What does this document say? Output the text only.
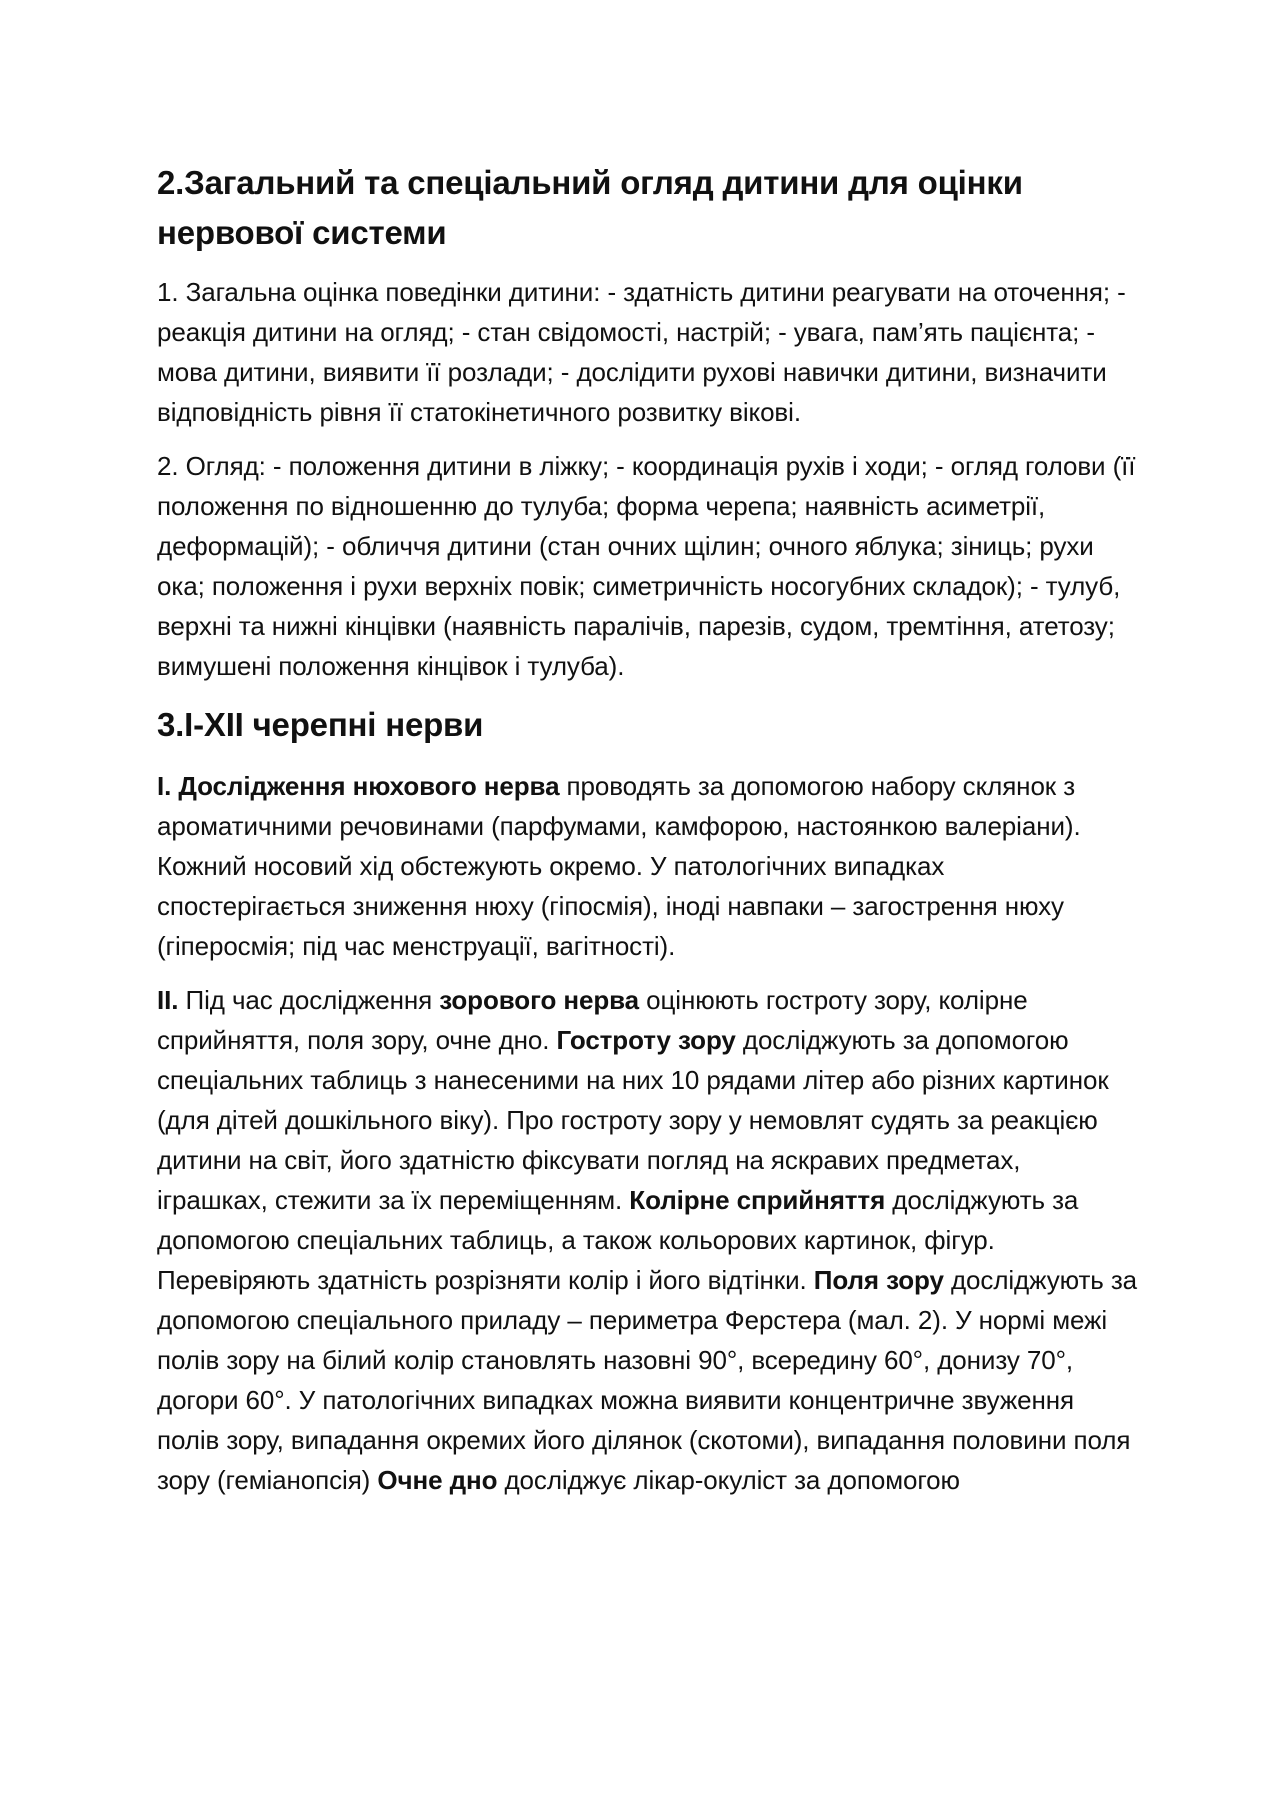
2.Загальний та спеціальний огляд дитини для оцінки нервової системи

1. Загальна оцінка поведінки дитини: - здатність дитини реагувати на оточення; - реакція дитини на огляд; - стан свідомості, настрій; - увага, пам’ять пацієнта; - мова дитини, виявити її розлади; - дослідити рухові навички дитини, визначити відповідність рівня її статокінетичного розвитку вікові.

2. Огляд: - положення дитини в ліжку; - координація рухів і ходи; - огляд голови (її положення по відношенню до тулуба; форма черепа; наявність асиметрії, деформацій); - обличчя дитини (стан очних щілин; очного яблука; зіниць; рухи ока; положення і рухи верхніх повік; симетричність носогубних складок); - тулуб, верхні та нижні кінцівки (наявність паралічів, парезів, судом, тремтіння, атетозу; вимушені положення кінцівок і тулуба).

3.I-XII черепні нерви

I. Дослідження нюхового нерва проводять за допомогою набору склянок з ароматичними речовинами (парфумами, камфорою, настоянкою валеріани). Кожний носовий хід обстежують окремо. У патологічних випадках спостерігається зниження нюху (гіпосмія), іноді навпаки – загострення нюху (гіперосмія; під час менструації, вагітності).

II. Під час дослідження зорового нерва оцінюють гостроту зору, колірне сприйняття, поля зору, очне дно. Гостроту зору досліджують за допомогою спеціальних таблиць з нанесеними на них 10 рядами літер або різних картинок (для дітей дошкільного віку). Про гостроту зору у немовлят судять за реакцією дитини на світ, його здатністю фіксувати погляд на яскравих предметах, іграшках, стежити за їх переміщенням. Колірне сприйняття досліджують за допомогою спеціальних таблиць, а також кольорових картинок, фігур. Перевіряють здатність розрізняти колір і його відтінки. Поля зору досліджують за допомогою спеціального приладу – периметра Ферстера (мал. 2). У нормі межі полів зору на білий колір становлять назовні 90°, всередину 60°, донизу 70°, догори 60°. У патологічних випадках можна виявити концентричне звуження полів зору, випадання окремих його ділянок (скотоми), випадання половини поля зору (геміанопсія) Очне дно досліджує лікар-окуліст за допомогою
